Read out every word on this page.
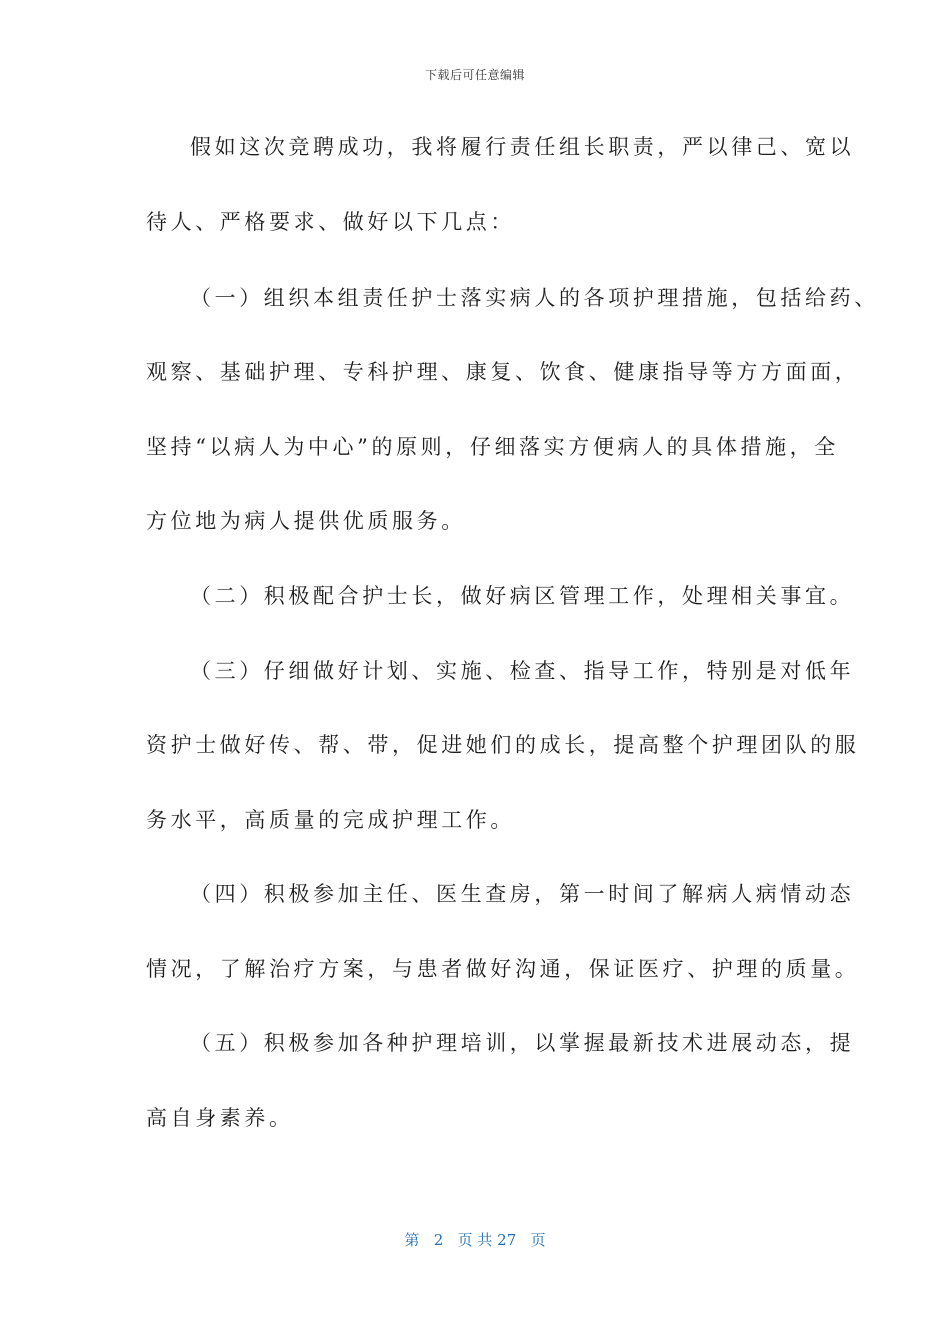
下载后可任意编辑
假如这次竞聘成功，我将履行责任组长职责，严以律己、宽以
待人、严格要求、做好以下几点：
（一）组织本组责任护士落实病人的各项护理措施，包括给药、
观察、基础护理、专科护理、康复、饮食、健康指导等方方面面，
坚持“以病人为中心”的原则，仔细落实方便病人的具体措施，全
方位地为病人提供优质服务。
（二）积极配合护士长，做好病区管理工作，处理相关事宜。
（三）仔细做好计划、实施、检查、指导工作，特别是对低年
资护士做好传、帮、带，促进她们的成长，提高整个护理团队的服
务水平，高质量的完成护理工作。
（四）积极参加主任、医生查房，第一时间了解病人病情动态
情况，了解治疗方案，与患者做好沟通，保证医疗、护理的质量。
（五）积极参加各种护理培训，以掌握最新技术进展动态，提
高自身素养。
第 2 页 共 27 页
